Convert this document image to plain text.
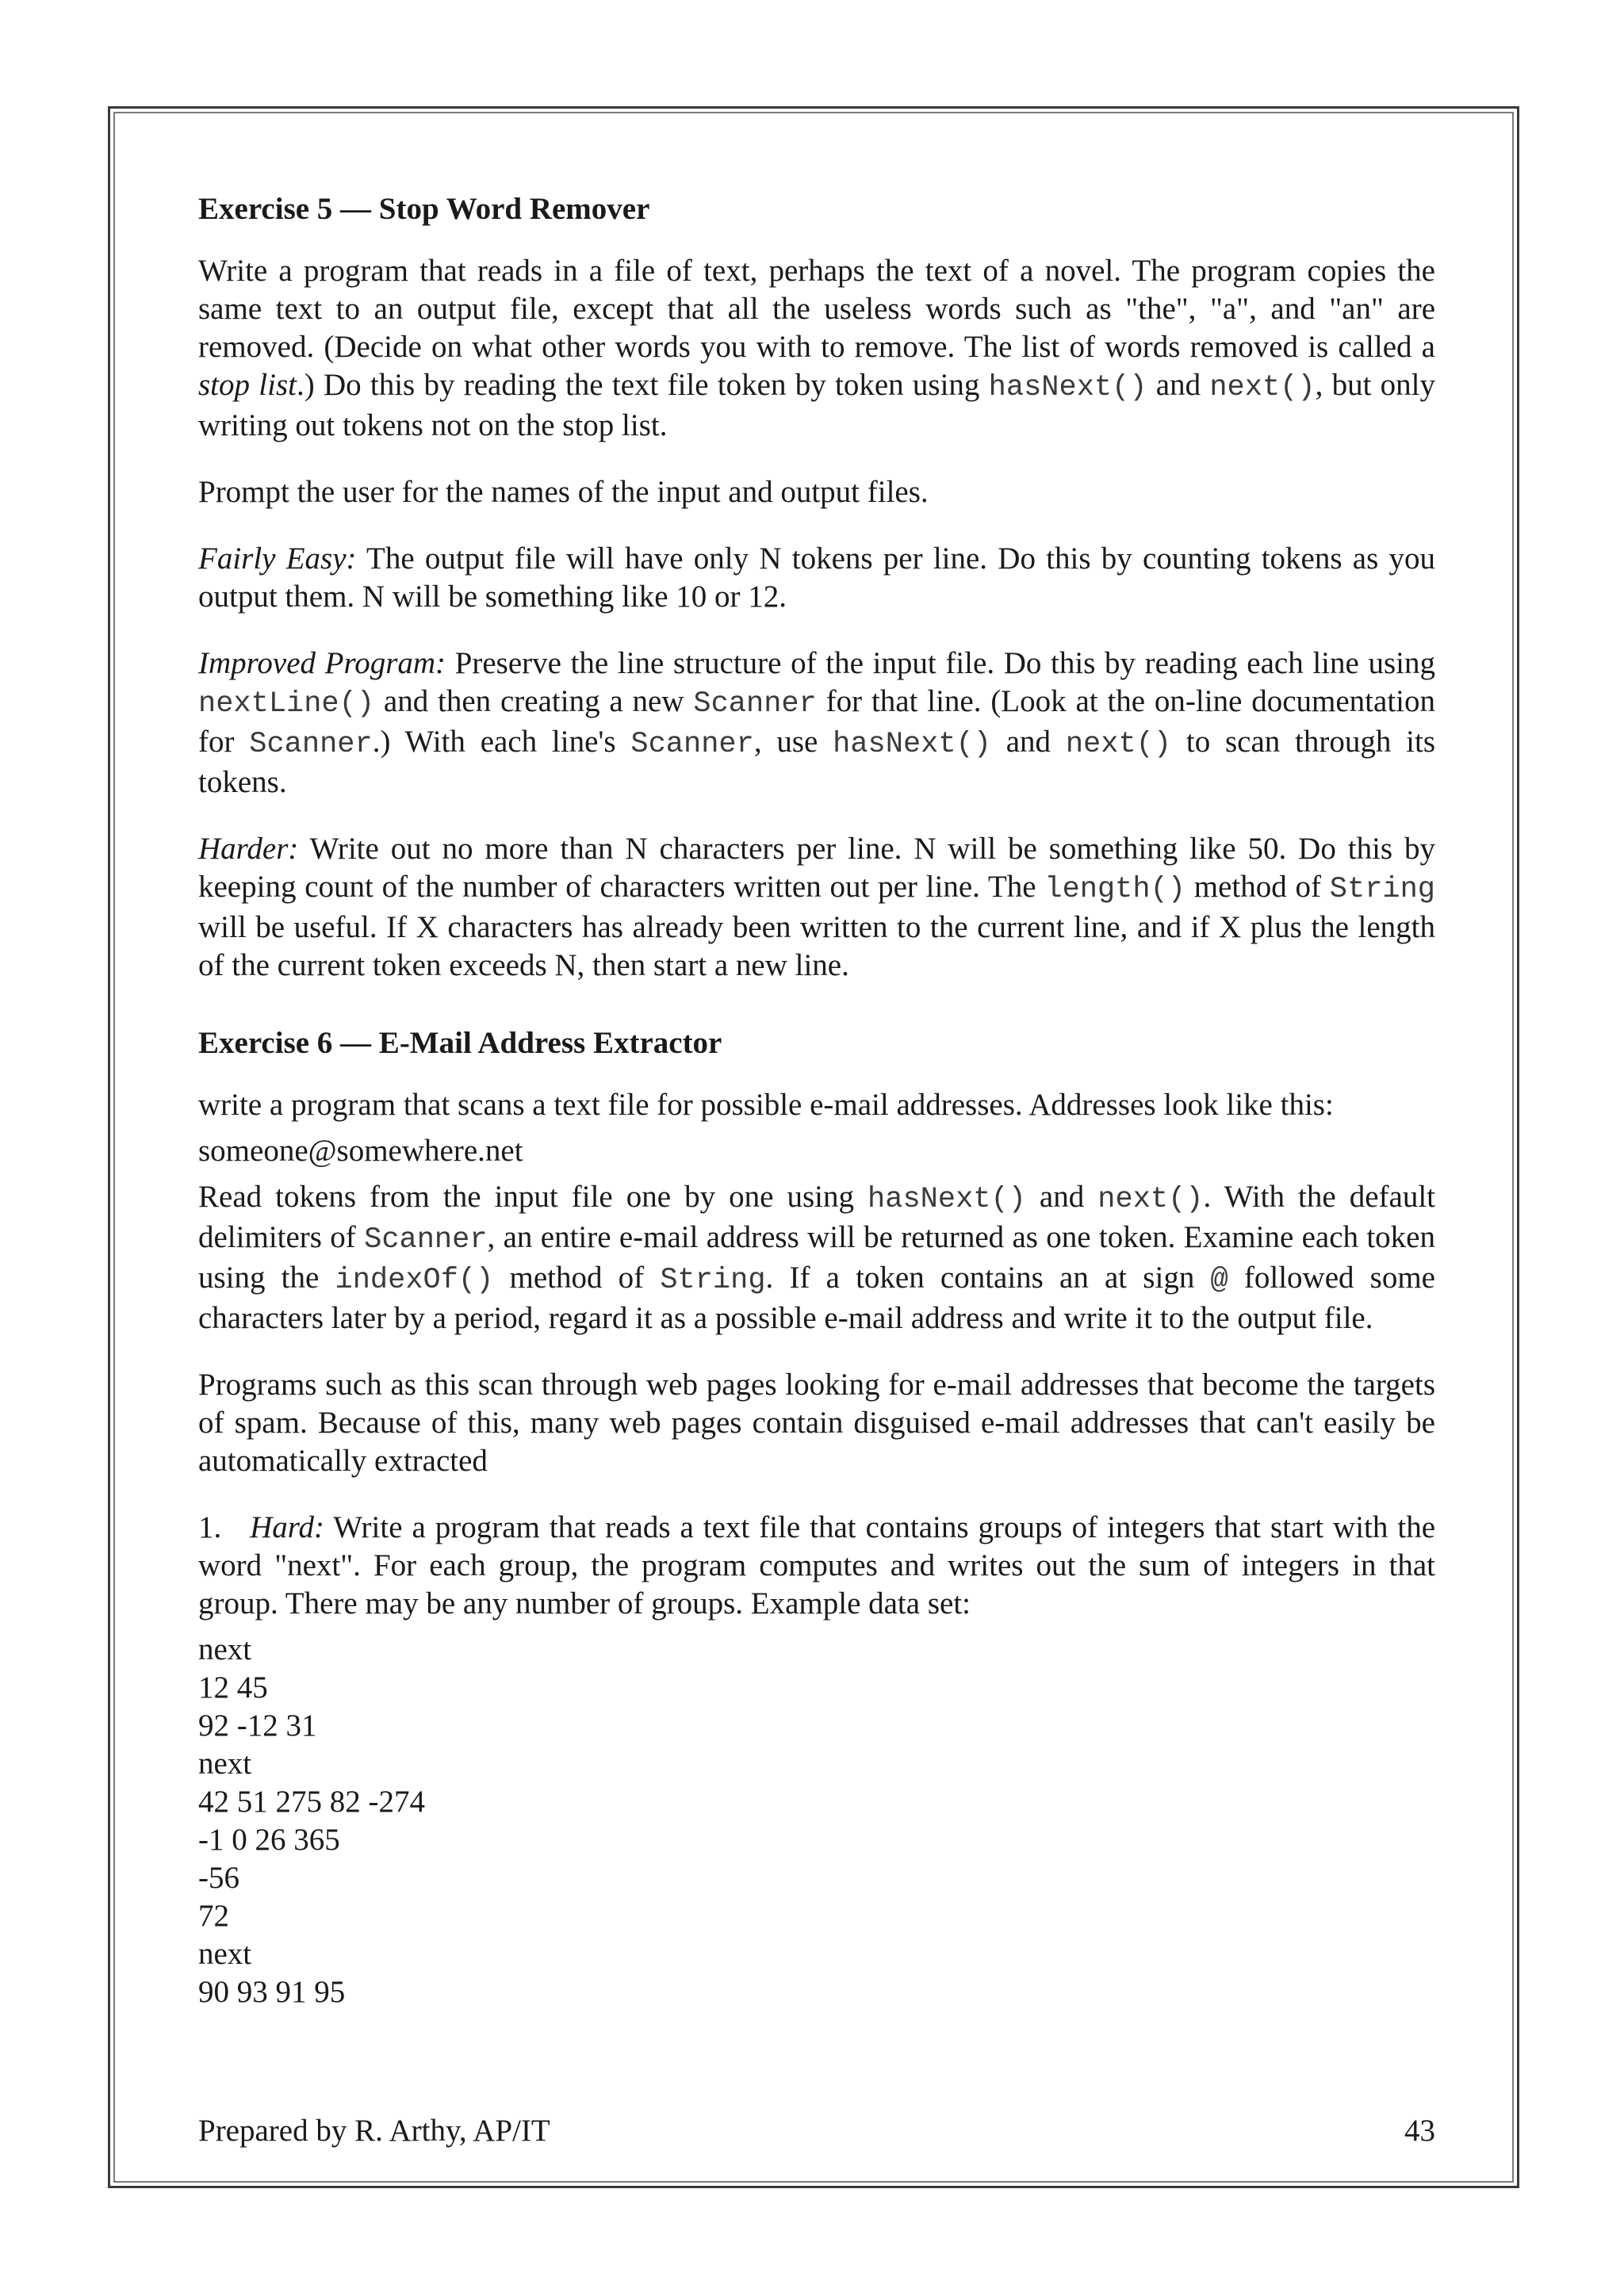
Exercise 5 — Stop Word Remover

Write a program that reads in a file of text, perhaps the text of a novel. The program copies the same text to an output file, except that all the useless words such as "the", "a", and "an" are removed. (Decide on what other words you with to remove. The list of words removed is called a stop list.) Do this by reading the text file token by token using hasNext() and next(), but only writing out tokens not on the stop list.

Prompt the user for the names of the input and output files.

Fairly Easy: The output file will have only N tokens per line. Do this by counting tokens as you output them. N will be something like 10 or 12.

Improved Program: Preserve the line structure of the input file. Do this by reading each line using nextLine() and then creating a new Scanner for that line. (Look at the on-line documentation for Scanner.) With each line's Scanner, use hasNext() and next() to scan through its tokens.

Harder: Write out no more than N characters per line. N will be something like 50. Do this by keeping count of the number of characters written out per line. The length() method of String will be useful. If X characters has already been written to the current line, and if X plus the length of the current token exceeds N, then start a new line.

Exercise 6 — E-Mail Address Extractor

write a program that scans a text file for possible e-mail addresses. Addresses look like this:

someone@somewhere.net

Read tokens from the input file one by one using hasNext() and next(). With the default delimiters of Scanner, an entire e-mail address will be returned as one token. Examine each token using the indexOf() method of String. If a token contains an at sign @ followed some characters later by a period, regard it as a possible e-mail address and write it to the output file.

Programs such as this scan through web pages looking for e-mail addresses that become the targets of spam. Because of this, many web pages contain disguised e-mail addresses that can't easily be automatically extracted

1. Hard: Write a program that reads a text file that contains groups of integers that start with the word "next". For each group, the program computes and writes out the sum of integers in that group. There may be any number of groups. Example data set:

next
12 45
92 -12 31
next
42 51 275 82 -274
-1 0 26 365
-56
72
next
90 93 91 95
Prepared by R. Arthy, AP/IT	43
